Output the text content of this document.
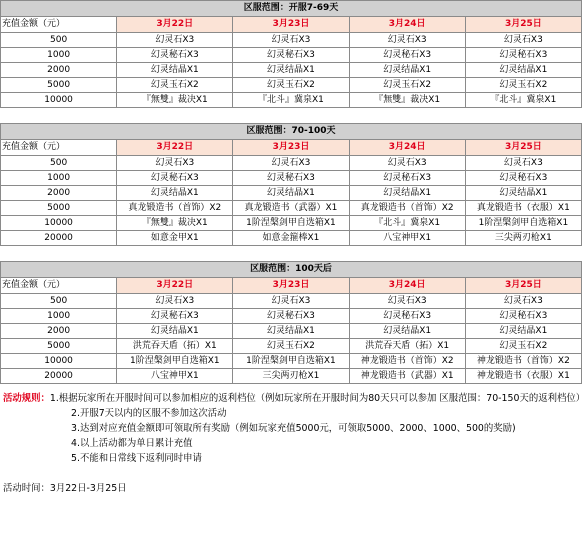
区服范围：开服7-69天				
充值金额（元）	3月22日	3月23日	3月24日	3月25日
500	幻灵石X3	幻灵石X3	幻灵石X3	幻灵石X3
1000	幻灵秘石X3	幻灵秘石X3	幻灵秘石X3	幻灵秘石X3
2000	幻灵结晶X1	幻灵结晶X1	幻灵结晶X1	幻灵结晶X1
5000	幻灵玉石X2	幻灵玉石X2	幻灵玉石X2	幻灵玉石X2
10000	『無雙』裁决X1	『北斗』冀泉X1	『無雙』裁决X1	『北斗』冀泉X1

区服范围：70-100天				
充值金额（元）	3月22日	3月23日	3月24日	3月25日
500	幻灵石X3	幻灵石X3	幻灵石X3	幻灵石X3
1000	幻灵秘石X3	幻灵秘石X3	幻灵秘石X3	幻灵秘石X3
2000	幻灵结晶X1	幻灵结晶X1	幻灵结晶X1	幻灵结晶X1
5000	真龙锻造书（首饰）X2	真龙锻造书（武器）X1	真龙锻造书（首饰）X2	真龙锻造书（衣服）X1
10000	『無雙』裁决X1	1阶涅槃剑甲自选箱X1	『北斗』冀泉X1	1阶涅槃剑甲自选箱X1
20000	如意金甲X1	如意金箍棒X1	八宝神甲X1	三尖两刃枪X1

区服范围：100天后				
充值金额（元）	3月22日	3月23日	3月24日	3月25日
500	幻灵石X3	幻灵石X3	幻灵石X3	幻灵石X3
1000	幻灵秘石X3	幻灵秘石X3	幻灵秘石X3	幻灵秘石X3
2000	幻灵结晶X1	幻灵结晶X1	幻灵结晶X1	幻灵结晶X1
5000	洪荒吞天盾（拓）X1	幻灵玉石X2	洪荒吞天盾（拓）X1	幻灵玉石X2
10000	1阶涅槃剑甲自选箱X1	1阶涅槃剑甲自选箱X1	神龙锻造书（首饰）X2	神龙锻造书（首饰）X2
20000	八宝神甲X1	三尖两刃枪X1	神龙锻造书（武器）X1	神龙锻造书（衣服）X1
活动规则： 1.根据玩家所在开服时间可以参加相应的返利档位（例如玩家所在开服时间为80天只可以参加 区服范围：70-150天的返利档位）
2.开服7天以内的区服不参加这次活动
3.达到对应充值金额即可领取所有奖励（例如玩家充值5000元，可领取5000、2000、1000、500的奖励)
4.以上活动都为单日累计充值
5.不能和日常线下返利同时申请
活动时间：3月22日-3月25日
